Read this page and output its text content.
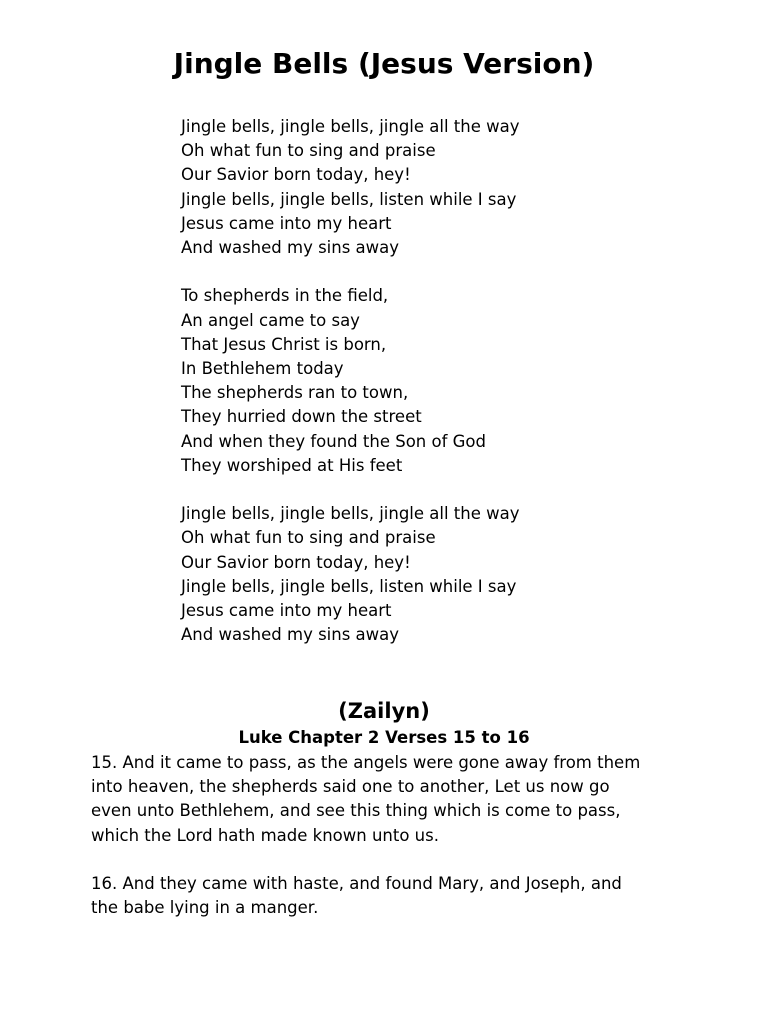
Jingle Bells (Jesus Version)
Jingle bells, jingle bells, jingle all the way
Oh what fun to sing and praise
Our Savior born today, hey!
Jingle bells, jingle bells, listen while I say
Jesus came into my heart
And washed my sins away
To shepherds in the field,
An angel came to say
That Jesus Christ is born,
In Bethlehem today
The shepherds ran to town,
They hurried down the street
And when they found the Son of God
They worshiped at His feet
Jingle bells, jingle bells, jingle all the way
Oh what fun to sing and praise
Our Savior born today, hey!
Jingle bells, jingle bells, listen while I say
Jesus came into my heart
And washed my sins away
(Zailyn)
Luke Chapter 2 Verses 15 to 16
15. And it came to pass, as the angels were gone away from them
into heaven, the shepherds said one to another, Let us now go
even unto Bethlehem, and see this thing which is come to pass,
which the Lord hath made known unto us.
16. And they came with haste, and found Mary, and Joseph, and
the babe lying in a manger.
